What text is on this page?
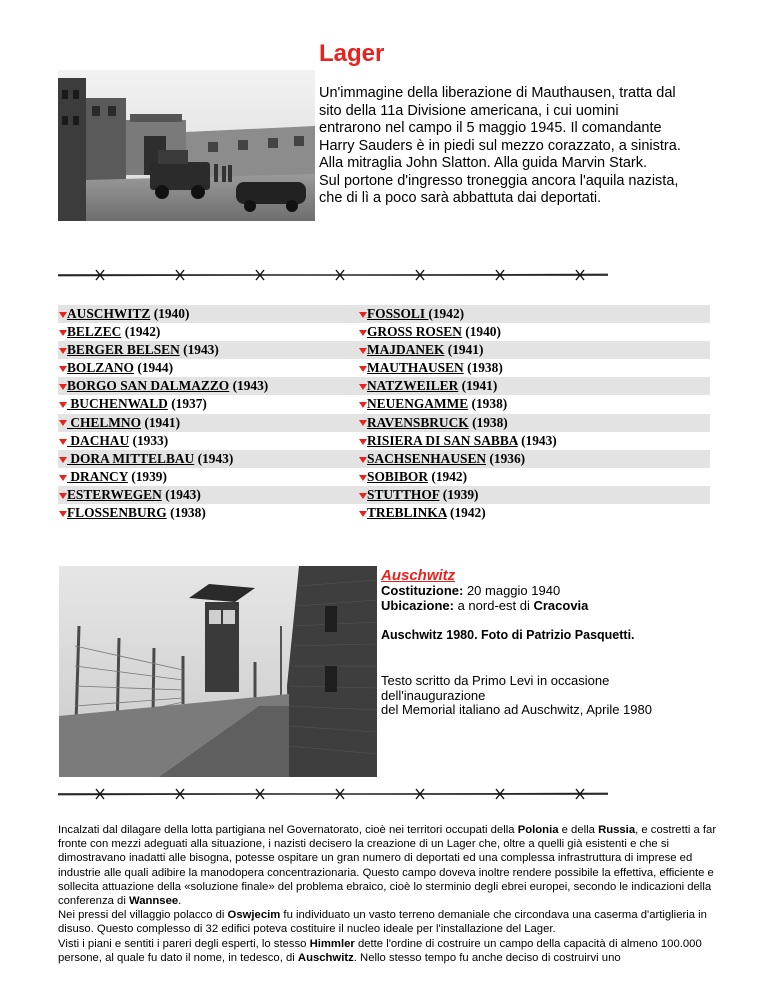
Lager

Un'immagine della liberazione di Mauthausen, tratta dal

sito della 11a Divisione americana, i cui uomini

entrarono nel campo il 5 maggio 1945. Il comandante

Harry Sauders è in piedi sul mezzo corazzato, a sinistra.

Alla mitraglia John Slatton. Alla guida Marvin Stark.

Sul portone d'ingresso troneggia ancora l'aquila nazista,

che di lì a poco sarà abbattuta dai deportati.

AUSCHWITZ (1940)
BELZEC (1942)
BERGER BELSEN (1943)
BOLZANO (1944)
BORGO SAN DALMAZZO (1943)
BUCHENWALD (1937)
CHELMNO (1941)
DACHAU (1933)
DORA MITTELBAU (1943)
DRANCY (1939)
ESTERWEGEN (1943)
FLOSSENBURG (1938)
FOSSOLI (1942)
GROSS ROSEN (1940)
MAJDANEK (1941)
MAUTHAUSEN (1938)
NATZWEILER (1941)
NEUENGAMME (1938)
RAVENSBRUCK (1938)
RISIERA DI SAN SABBA (1943)
SACHSENHAUSEN (1936)
SOBIBOR (1942)
STUTTHOF (1939)
TREBLINKA (1942)

Auschwitz

Costituzione: 20 maggio 1940

Ubicazione: a nord-est di Cracovia

Auschwitz 1980. Foto di Patrizio Pasquetti.

Testo scritto da Primo Levi in occasione

dell'inaugurazione

del Memorial italiano ad Auschwitz, Aprile 1980

Incalzati dal dilagare della lotta partigiana nel Governatorato, cioè nei territori occupati della Polonia e della Russia, e costretti a far fronte con mezzi adeguati alla situazione, i nazisti decisero la creazione di un Lager che, oltre a quelli già esistenti e che si dimostravano inadatti alle bisogna, potesse ospitare un gran numero di deportati ed una complessa infrastruttura di imprese ed industrie alle quali adibire la manodopera concentrazionaria. Questo campo doveva inoltre rendere possibile la effettiva, efficiente e sollecita attuazione della «soluzione finale» del problema ebraico, cioè lo sterminio degli ebrei europei, secondo le indicazioni della conferenza di Wannsee.

Nei pressi del villaggio polacco di Oswjecim fu individuato un vasto terreno demaniale che circondava una caserma d'artiglieria in disuso. Questo complesso di 32 edifici poteva costituire il nucleo ideale per l'installazione del Lager.

Visti i piani e sentiti i pareri degli esperti, lo stesso Himmler dette l'ordine di costruire un campo della capacità di almeno 100.000 persone, al quale fu dato il nome, in tedesco, di Auschwitz. Nello stesso tempo fu anche deciso di costruirvi uno
